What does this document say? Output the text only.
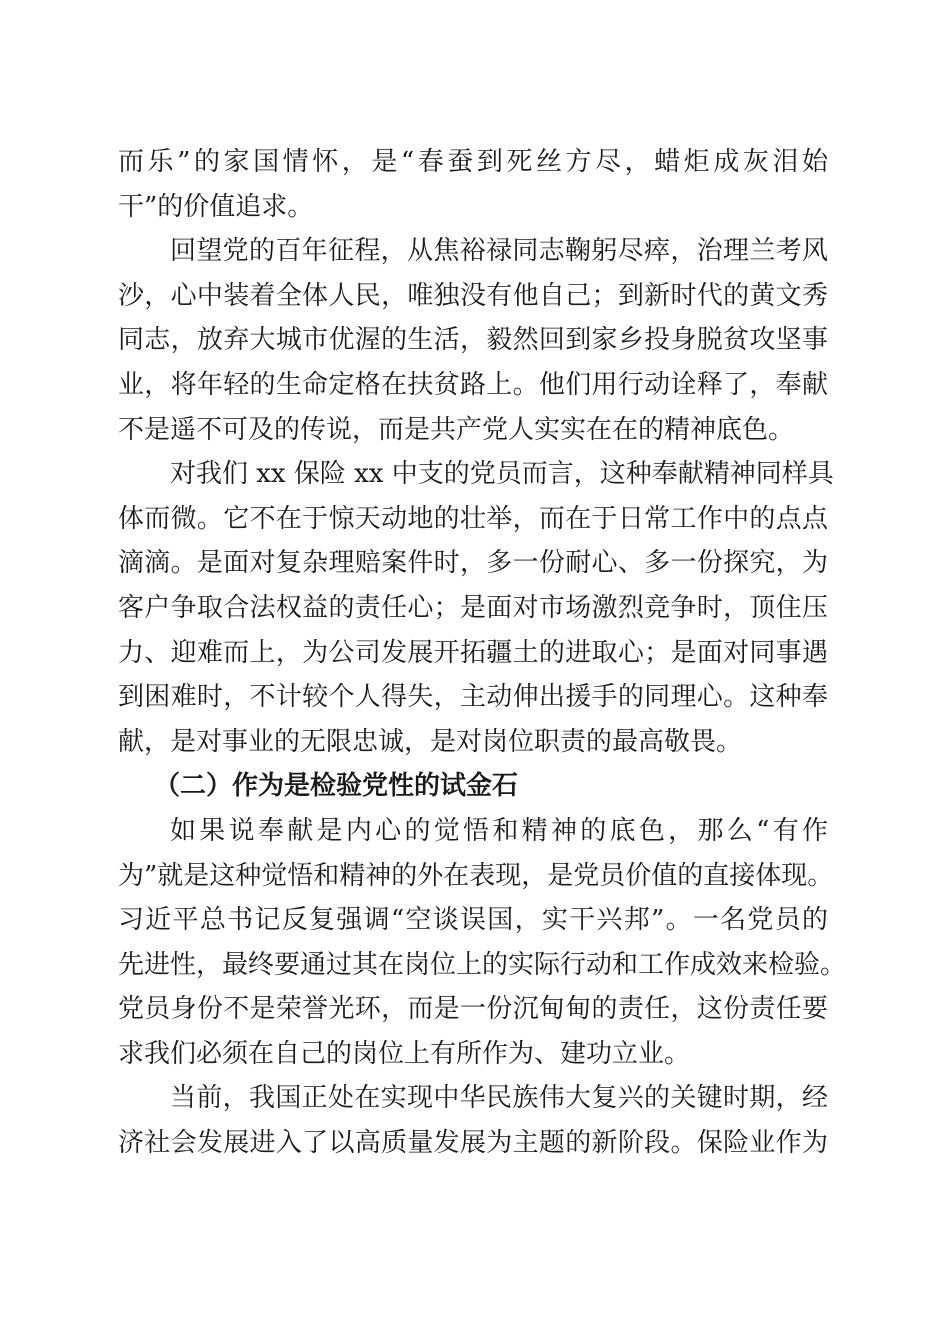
而乐”的家国情怀，是“春蚕到死丝方尽，蜡炬成灰泪始
干”的价值追求。
回望党的百年征程，从焦裕禄同志鞠躬尽瘁，治理兰考风
沙，心中装着全体人民，唯独没有他自己；到新时代的黄文秀
同志，放弃大城市优渥的生活，毅然回到家乡投身脱贫攻坚事
业，将年轻的生命定格在扶贫路上。他们用行动诠释了，奉献
不是遥不可及的传说，而是共产党人实实在在的精神底色。
对我们 xx 保险 xx 中支的党员而言，这种奉献精神同样具
体而微。它不在于惊天动地的壮举，而在于日常工作中的点点
滴滴。是面对复杂理赔案件时，多一份耐心、多一份探究，为
客户争取合法权益的责任心；是面对市场激烈竞争时，顶住压
力、迎难而上，为公司发展开拓疆土的进取心；是面对同事遇
到困难时，不计较个人得失，主动伸出援手的同理心。这种奉
献，是对事业的无限忠诚，是对岗位职责的最高敬畏。
（二）作为是检验党性的试金石
如果说奉献是内心的觉悟和精神的底色，那么“有作
为”就是这种觉悟和精神的外在表现，是党员价值的直接体现。
习近平总书记反复强调“空谈误国，实干兴邦”。一名党员的
先进性，最终要通过其在岗位上的实际行动和工作成效来检验。
党员身份不是荣誉光环，而是一份沉甸甸的责任，这份责任要
求我们必须在自己的岗位上有所作为、建功立业。
当前，我国正处在实现中华民族伟大复兴的关键时期，经
济社会发展进入了以高质量发展为主题的新阶段。保险业作为
